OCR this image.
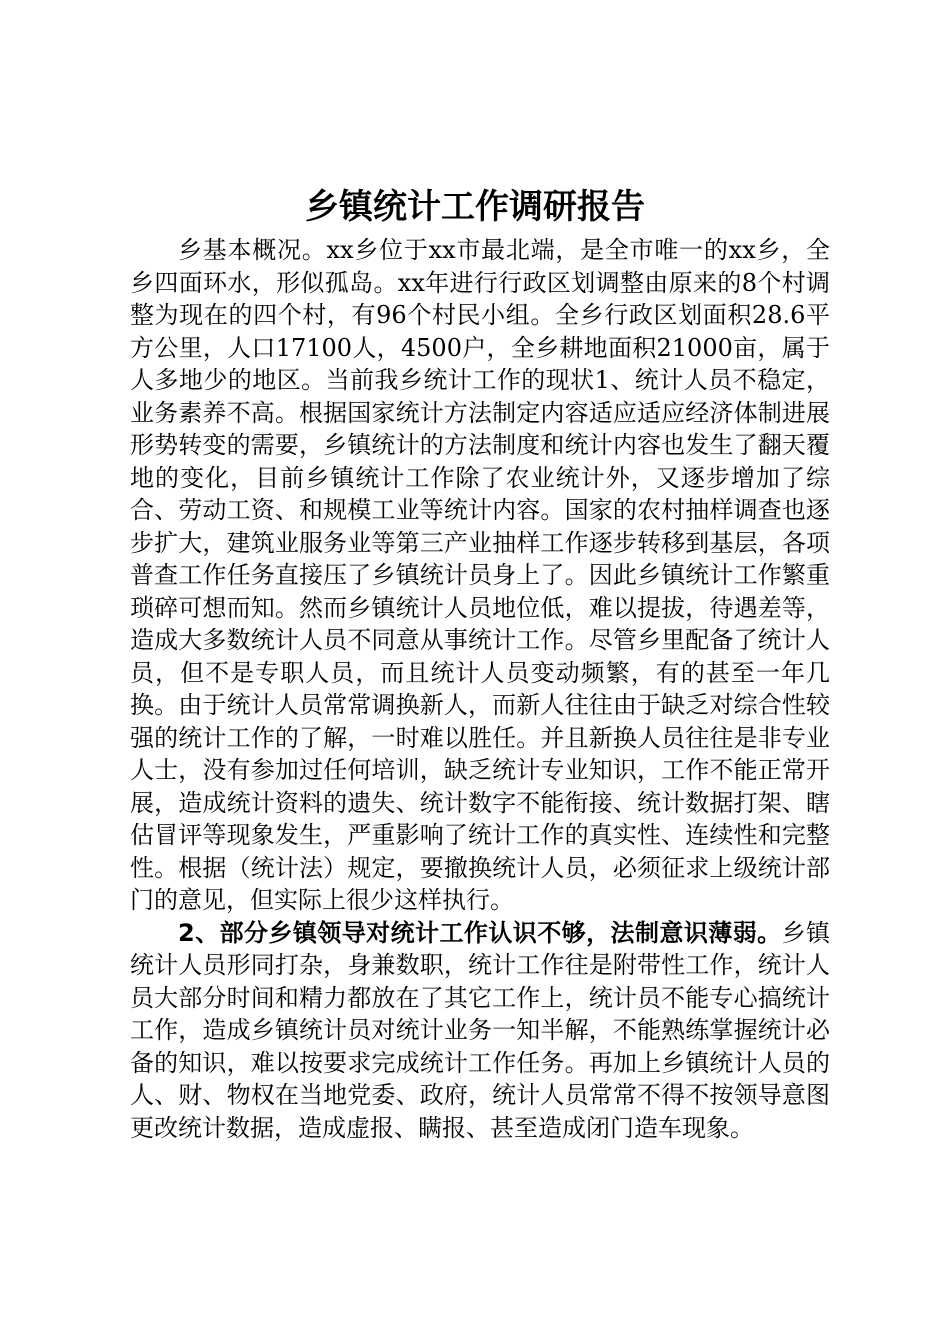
乡镇统计工作调研报告

乡基本概况。xx乡位于xx市最北端，是全市唯一的xx乡，全乡四面环水，形似孤岛。xx年进行行政区划调整由原来的8个村调整为现在的四个村，有96个村民小组。全乡行政区划面积28.6平方公里，人口17100人，4500户，全乡耕地面积21000亩，属于人多地少的地区。当前我乡统计工作的现状1、统计人员不稳定，业务素养不高。根据国家统计方法制定内容适应适应经济体制进展形势转变的需要，乡镇统计的方法制度和统计内容也发生了翻天覆地的变化，目前乡镇统计工作除了农业统计外，又逐步增加了综合、劳动工资、和规模工业等统计内容。国家的农村抽样调查也逐步扩大，建筑业服务业等第三产业抽样工作逐步转移到基层，各项普查工作任务直接压了乡镇统计员身上了。因此乡镇统计工作繁重琐碎可想而知。然而乡镇统计人员地位低，难以提拔，待遇差等，造成大多数统计人员不同意从事统计工作。尽管乡里配备了统计人员，但不是专职人员，而且统计人员变动频繁，有的甚至一年几换。由于统计人员常常调换新人，而新人往往由于缺乏对综合性较强的统计工作的了解，一时难以胜任。并且新换人员往往是非专业人士，没有参加过任何培训，缺乏统计专业知识，工作不能正常开展，造成统计资料的遗失、统计数字不能衔接、统计数据打架、瞎估冒评等现象发生，严重影响了统计工作的真实性、连续性和完整性。根据（统计法）规定，要撤换统计人员，必须征求上级统计部门的意见，但实际上很少这样执行。

2、部分乡镇领导对统计工作认识不够，法制意识薄弱。乡镇统计人员形同打杂，身兼数职，统计工作往是附带性工作，统计人员大部分时间和精力都放在了其它工作上，统计员不能专心搞统计工作，造成乡镇统计员对统计业务一知半解，不能熟练掌握统计必备的知识，难以按要求完成统计工作任务。再加上乡镇统计人员的人、财、物权在当地党委、政府，统计人员常常不得不按领导意图更改统计数据，造成虚报、瞒报、甚至造成闭门造车现象。
